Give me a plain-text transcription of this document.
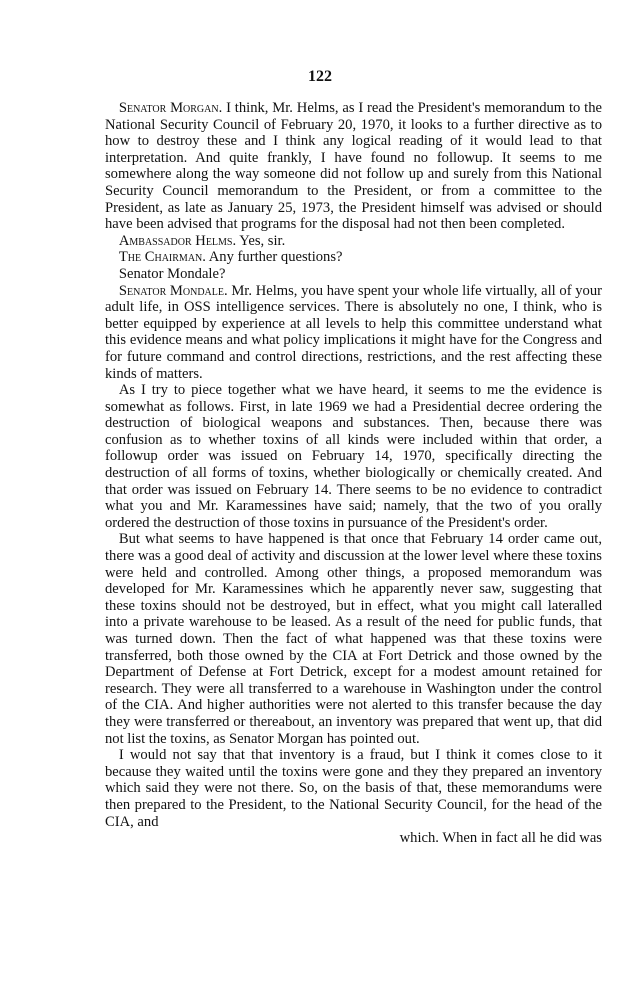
122

Senator Morgan. I think, Mr. Helms, as I read the President's memorandum to the National Security Council of February 20, 1970, it looks to a further directive as to how to destroy these and I think any logical reading of it would lead to that interpretation. And quite frankly, I have found no followup. It seems to me somewhere along the way someone did not follow up and surely from this National Security Council memorandum to the President, or from a committee to the President, as late as January 25, 1973, the President himself was advised or should have been advised that programs for the disposal had not then been completed.

Ambassador Helms. Yes, sir.

The Chairman. Any further questions?

Senator Mondale?

Senator Mondale. Mr. Helms, you have spent your whole life virtually, all of your adult life, in OSS intelligence services. There is absolutely no one, I think, who is better equipped by experience at all levels to help this committee understand what this evidence means and what policy implications it might have for the Congress and for future command and control directions, restrictions, and the rest affecting these kinds of matters.

As I try to piece together what we have heard, it seems to me the evidence is somewhat as follows. First, in late 1969 we had a Presidential decree ordering the destruction of biological weapons and substances. Then, because there was confusion as to whether toxins of all kinds were included within that order, a followup order was issued on February 14, 1970, specifically directing the destruction of all forms of toxins, whether biologically or chemically created. And that order was issued on February 14. There seems to be no evidence to contradict what you and Mr. Karamessines have said; namely, that the two of you orally ordered the destruction of those toxins in pursuance of the President's order.

But what seems to have happened is that once that February 14 order came out, there was a good deal of activity and discussion at the lower level where these toxins were held and controlled. Among other things, a proposed memorandum was developed for Mr. Karamessines which he apparently never saw, suggesting that these toxins should not be destroyed, but in effect, what you might call lateralled into a private warehouse to be leased. As a result of the need for public funds, that was turned down. Then the fact of what happened was that these toxins were transferred, both those owned by the CIA at Fort Detrick and those owned by the Department of Defense at Fort Detrick, except for a modest amount retained for research. They were all transferred to a warehouse in Washington under the control of the CIA. And higher authorities were not alerted to this transfer because the day they were transferred or thereabout, an inventory was prepared that went up, that did not list the toxins, as Senator Morgan has pointed out.

I would not say that that inventory is a fraud, but I think it comes close to it because they waited until the toxins were gone and they they prepared an inventory which said they were not there. So, on the basis of that, these memorandums were then prepared to the President, to the National Security Council, for the head of the CIA, and

which. When in fact all he did was
